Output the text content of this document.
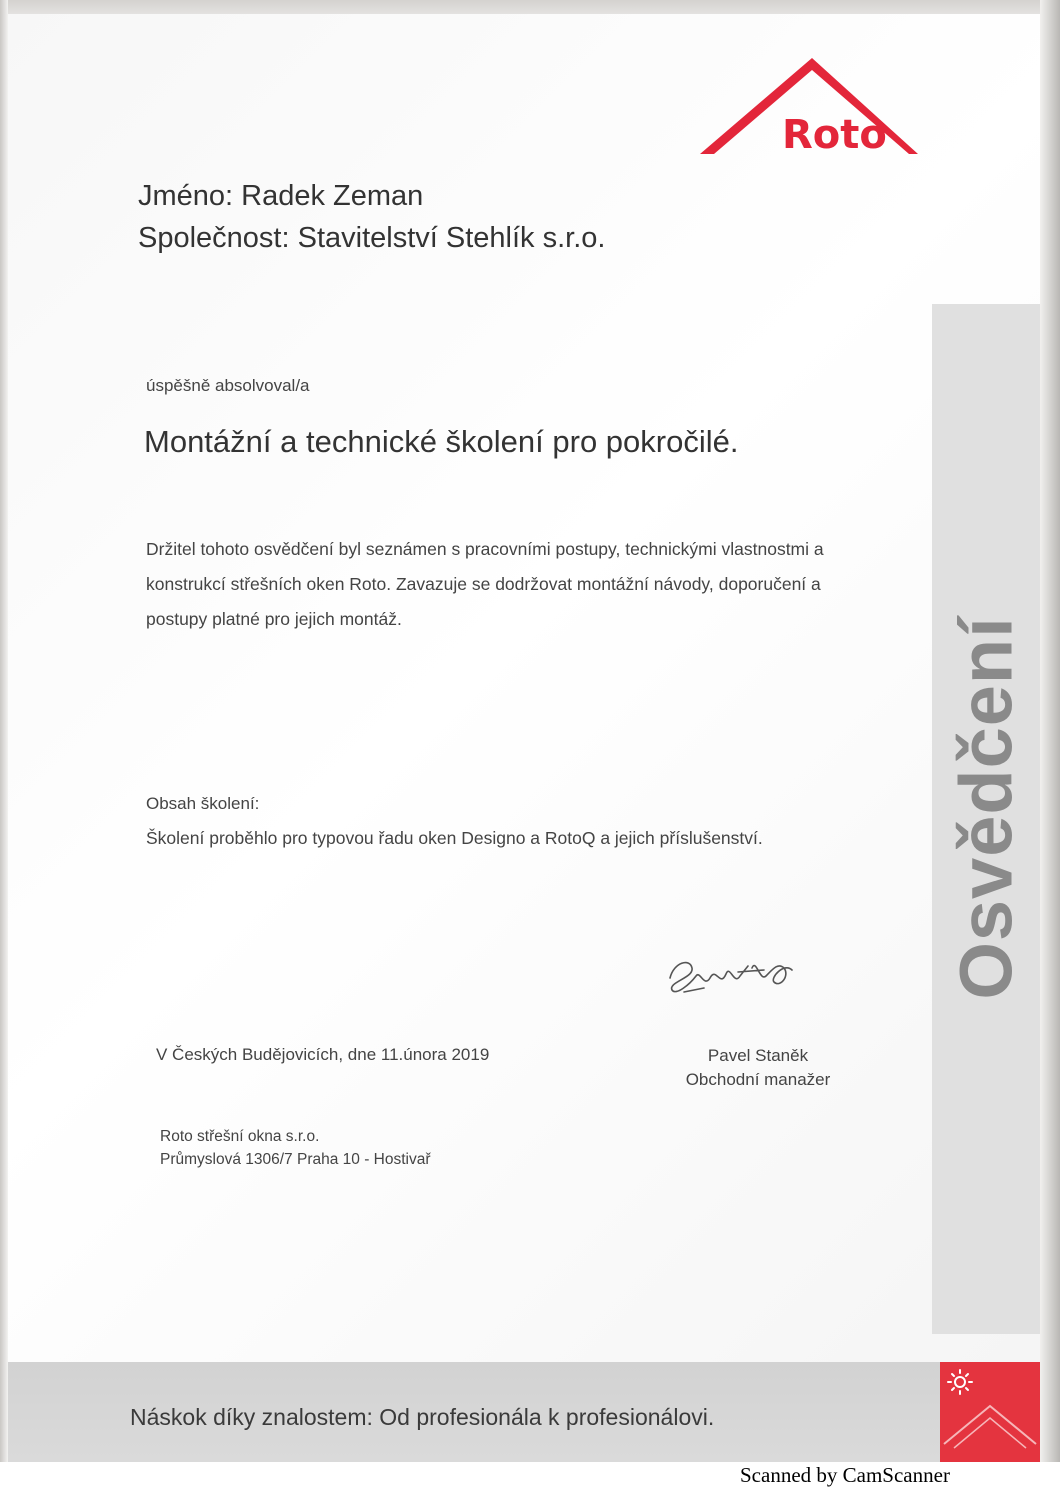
Roto
Jméno: Radek Zeman
Společnost: Stavitelství Stehlík s.r.o.
Osvědčení
úspěšně absolvoval/a
Montážní a technické školení pro pokročilé.
Držitel tohoto osvědčení byl seznámen s pracovními postupy, technickými vlastnostmi a konstrukcí střešních oken Roto. Zavazuje se dodržovat montážní návody, doporučení a postupy platné pro jejich montáž.
Obsah školení:
Školení proběhlo pro typovou řadu oken Designo a RotoQ a jejich příslušenství.
V Českých Budějovicích, dne 11.února 2019	Pavel Staněk
Obchodní manažer
Roto střešní okna s.r.o.
Průmyslová 1306/7 Praha 10 - Hostivař
Náskok díky znalostem: Od profesionála k profesionálovi.
Scanned by CamScanner
